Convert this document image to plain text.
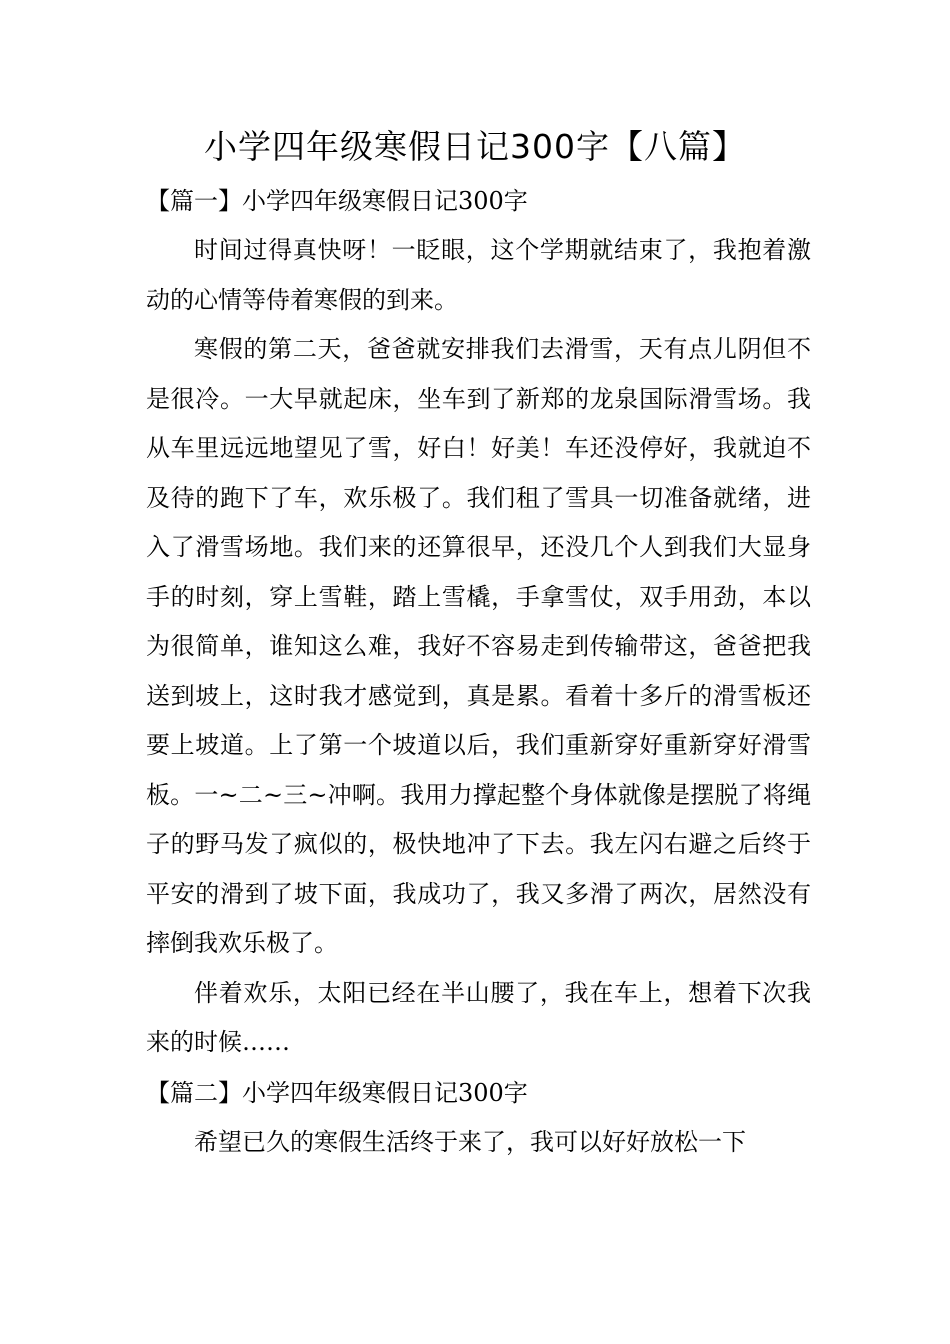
小学四年级寒假日记300字【八篇】
【篇一】小学四年级寒假日记300字

时间过得真快呀！一眨眼，这个学期就结束了，我抱着激动的心情等侍着寒假的到来。

寒假的第二天，爸爸就安排我们去滑雪，天有点儿阴但不是很冷。一大早就起床，坐车到了新郑的龙泉国际滑雪场。我从车里远远地望见了雪，好白！好美！车还没停好，我就迫不及待的跑下了车，欢乐极了。我们租了雪具一切准备就绪，进入了滑雪场地。我们来的还算很早，还没几个人到我们大显身手的时刻，穿上雪鞋，踏上雪橇，手拿雪仗，双手用劲，本以为很简单，谁知这么难，我好不容易走到传输带这，爸爸把我送到坡上，这时我才感觉到，真是累。看着十多斤的滑雪板还要上坡道。上了第一个坡道以后，我们重新穿好重新穿好滑雪板。一~二~三~冲啊。我用力撑起整个身体就像是摆脱了将绳子的野马发了疯似的，极快地冲了下去。我左闪右避之后终于平安的滑到了坡下面，我成功了，我又多滑了两次，居然没有摔倒我欢乐极了。

伴着欢乐，太阳已经在半山腰了，我在车上，想着下次我来的时候……

【篇二】小学四年级寒假日记300字

希望已久的寒假生活终于来了，我可以好好放松一下
